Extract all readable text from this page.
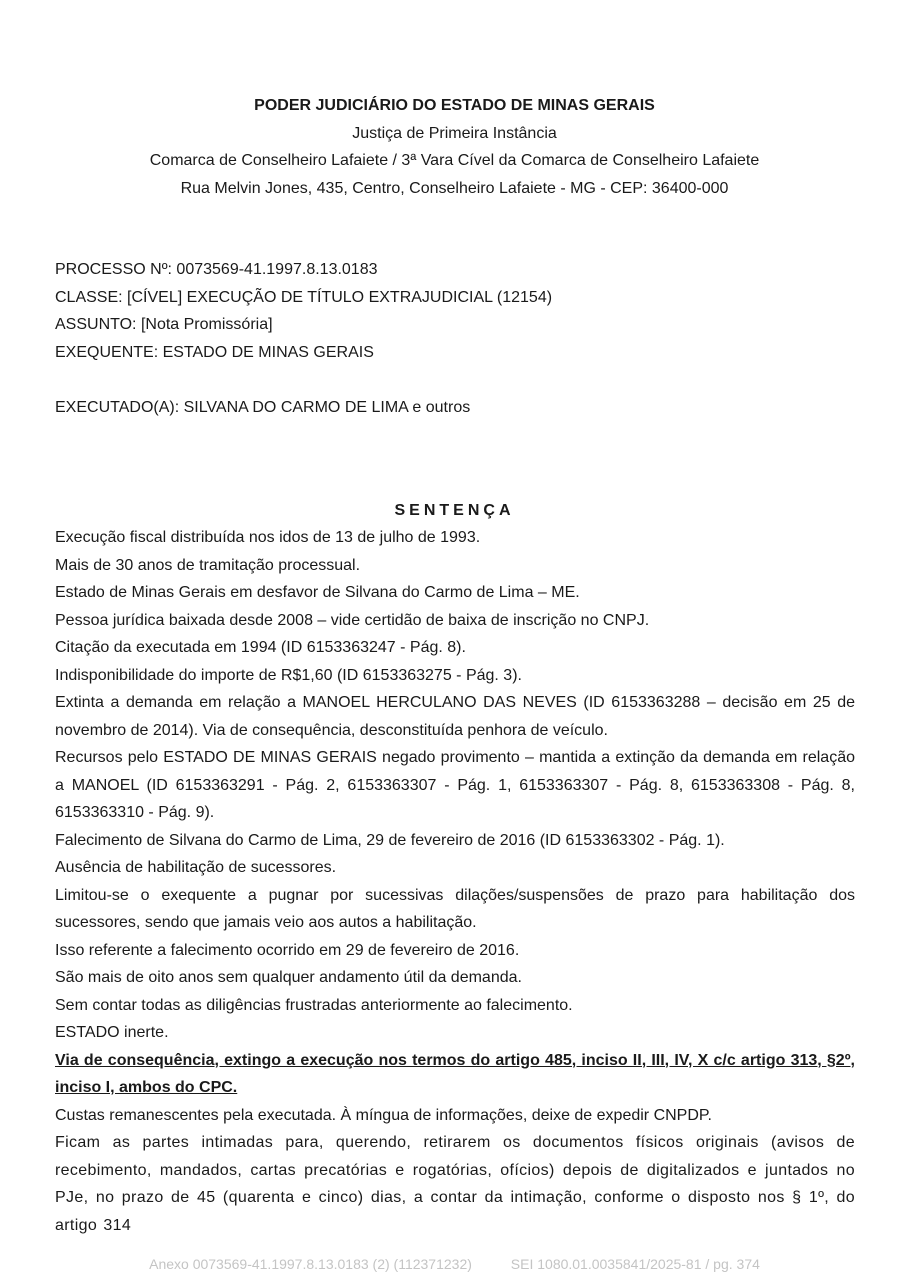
PODER JUDICIÁRIO DO ESTADO DE MINAS GERAIS
Justiça de Primeira Instância
Comarca de Conselheiro Lafaiete / 3ª Vara Cível da Comarca de Conselheiro Lafaiete
Rua Melvin Jones, 435, Centro, Conselheiro Lafaiete - MG - CEP: 36400-000
PROCESSO Nº: 0073569-41.1997.8.13.0183
CLASSE: [CÍVEL] EXECUÇÃO DE TÍTULO EXTRAJUDICIAL (12154)
ASSUNTO: [Nota Promissória]
EXEQUENTE: ESTADO DE MINAS GERAIS
EXECUTADO(A): SILVANA DO CARMO DE LIMA e outros
SENTENÇA

Execução fiscal distribuída nos idos de 13 de julho de 1993.

Mais de 30 anos de tramitação processual.

Estado de Minas Gerais em desfavor de Silvana do Carmo de Lima – ME.

Pessoa jurídica baixada desde 2008 – vide certidão de baixa de inscrição no CNPJ.

Citação da executada em 1994 (ID 6153363247 - Pág. 8).

Indisponibilidade do importe de R$1,60 (ID 6153363275 - Pág. 3).

Extinta a demanda em relação a MANOEL HERCULANO DAS NEVES (ID 6153363288 – decisão em 25 de novembro de 2014). Via de consequência, desconstituída penhora de veículo.

Recursos pelo ESTADO DE MINAS GERAIS negado provimento – mantida a extinção da demanda em relação a MANOEL (ID 6153363291 - Pág. 2, 6153363307 - Pág. 1, 6153363307 - Pág. 8, 6153363308 - Pág. 8, 6153363310 - Pág. 9).

Falecimento de Silvana do Carmo de Lima, 29 de fevereiro de 2016 (ID 6153363302 - Pág. 1).

Ausência de habilitação de sucessores.

Limitou-se o exequente a pugnar por sucessivas dilações/suspensões de prazo para habilitação dos sucessores, sendo que jamais veio aos autos a habilitação.

Isso referente a falecimento ocorrido em 29 de fevereiro de 2016.

São mais de oito anos sem qualquer andamento útil da demanda.

Sem contar todas as diligências frustradas anteriormente ao falecimento.

ESTADO inerte.

Via de consequência, extingo a execução nos termos do artigo 485, inciso II, III, IV, X c/c artigo 313, §2º, inciso I, ambos do CPC.

Custas remanescentes pela executada. À míngua de informações, deixe de expedir CNPDP.

Ficam as partes intimadas para, querendo, retirarem os documentos físicos originais (avisos de recebimento, mandados, cartas precatórias e rogatórias, ofícios) depois de digitalizados e juntados no PJe, no prazo de 45 (quarenta e cinco) dias, a contar da intimação, conforme o disposto nos § 1º, do artigo 314

Anexo 0073569-41.1997.8.13.0183 (2) (112371232)          SEI 1080.01.0035841/2025-81 / pg. 374
